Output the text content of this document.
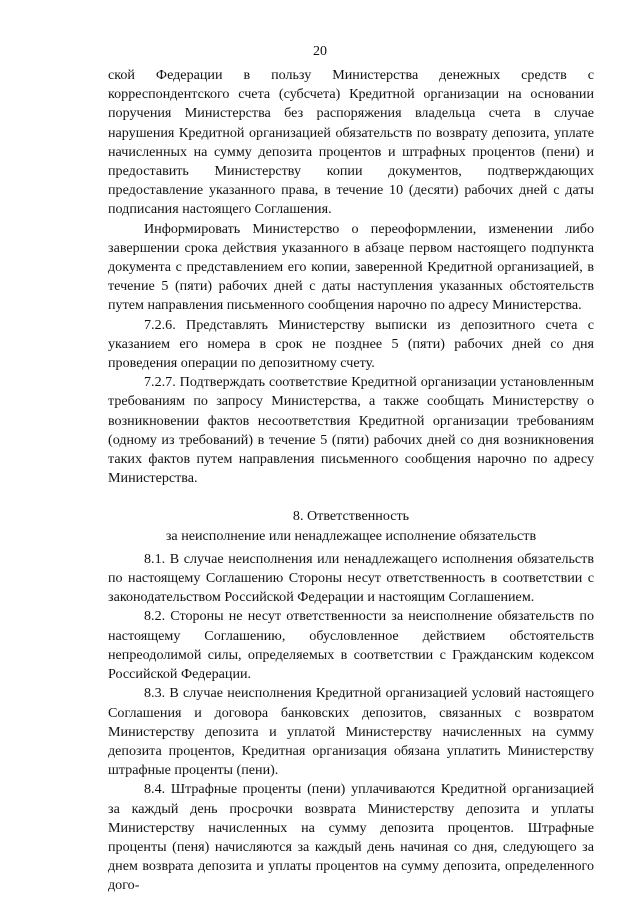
20

ской Федерации в пользу Министерства денежных средств с корреспондентского счета (субсчета) Кредитной организации на основании поручения Министерства без распоряжения владельца счета в случае нарушения Кредитной организацией обязательств по возврату депозита, уплате начисленных на сумму депозита процентов и штрафных процентов (пени) и предоставить Министерству копии документов, подтверждающих предоставление указанного права, в течение 10 (десяти) рабочих дней с даты подписания настоящего Соглашения.

Информировать Министерство о переоформлении, изменении либо завершении срока действия указанного в абзаце первом настоящего подпункта документа с представлением его копии, заверенной Кредитной организацией, в течение 5 (пяти) рабочих дней с даты наступления указанных обстоятельств путем направления письменного сообщения нарочно по адресу Министерства.

7.2.6. Представлять Министерству выписки из депозитного счета с указанием его номера в срок не позднее 5 (пяти) рабочих дней со дня проведения операции по депозитному счету.

7.2.7. Подтверждать соответствие Кредитной организации установленным требованиям по запросу Министерства, а также сообщать Министерству о возникновении фактов несоответствия Кредитной организации требованиям (одному из требований) в течение 5 (пяти) рабочих дней со дня возникновения таких фактов путем направления письменного сообщения нарочно по адресу Министерства.

8. Ответственность

за неисполнение или ненадлежащее исполнение обязательств

8.1. В случае неисполнения или ненадлежащего исполнения обязательств по настоящему Соглашению Стороны несут ответственность в соответствии с законодательством Российской Федерации и настоящим Соглашением.

8.2. Стороны не несут ответственности за неисполнение обязательств по настоящему Соглашению, обусловленное действием обстоятельств непреодолимой силы, определяемых в соответствии с Гражданским кодексом Российской Федерации.

8.3. В случае неисполнения Кредитной организацией условий настоящего Соглашения и договора банковских депозитов, связанных с возвратом Министерству депозита и уплатой Министерству начисленных на сумму депозита процентов, Кредитная организация обязана уплатить Министерству штрафные проценты (пени).

8.4. Штрафные проценты (пени) уплачиваются Кредитной организацией за каждый день просрочки возврата Министерству депозита и уплаты Министерству начисленных на сумму депозита процентов. Штрафные проценты (пеня) начисляются за каждый день начиная со дня, следующего за днем возврата депозита и уплаты процентов на сумму депозита, определенного дого-
